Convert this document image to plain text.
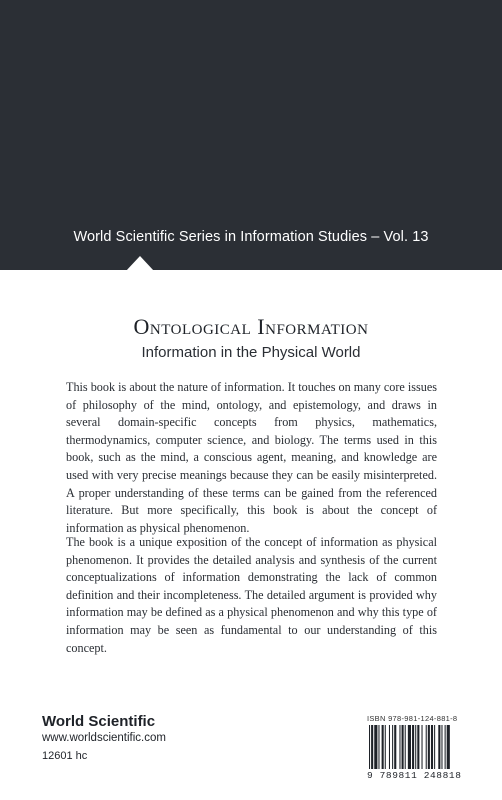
World Scientific Series in Information Studies – Vol. 13
Ontological Information
Information in the Physical World

This book is about the nature of information. It touches on many core issues of philosophy of the mind, ontology, and epistemology, and draws in several domain-specific concepts from physics, mathematics, thermodynamics, computer science, and biology. The terms used in this book, such as the mind, a conscious agent, meaning, and knowledge are used with very precise meanings because they can be easily misinterpreted. A proper understanding of these terms can be gained from the referenced literature. But more specifically, this book is about the concept of information as physical phenomenon.

The book is a unique exposition of the concept of information as physical phenomenon. It provides the detailed analysis and synthesis of the current conceptualizations of information demonstrating the lack of common definition and their incompleteness. The detailed argument is provided why information may be defined as a physical phenomenon and why this type of information may be seen as fundamental to our understanding of this concept.

World Scientific
www.worldscientific.com
12601 hc
ISBN 978-981-124-881-8
9 789811 248818
